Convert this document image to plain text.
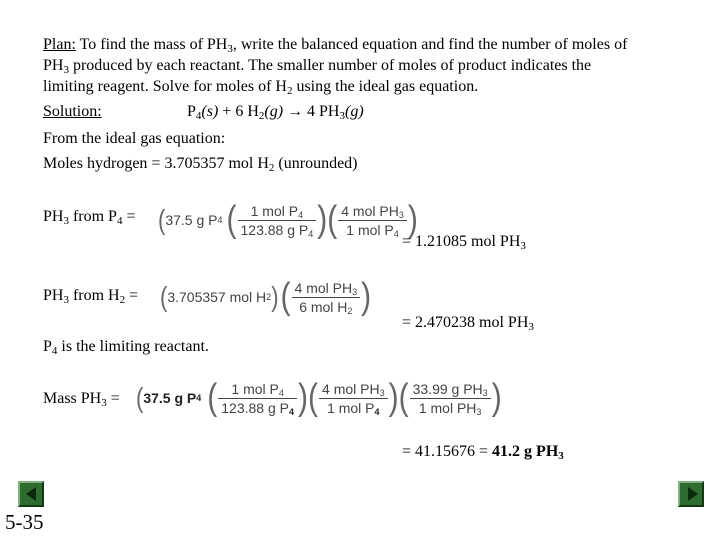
Plan: To find the mass of $PH_3$, write the balanced equation and find the number of moles of
$PH_3$ produced by each reactant. The smaller number of moles of product indicates the
limiting reagent. Solve for moles of $H_2$ using the ideal gas equation.
Solution:	$P_4(s) + 6$ $H_2(g) \to 4$ $PH_3(g)$
From the ideal gas equation:
Moles hydrogen = 3.705357 mol $H_2$ (unrounded)
$PH_3$ from $P_4$ = ( 37.5 g P 4 ( $\frac{1 mol P_4}{123.88 g P_4}$ ) ( $\frac{4 mol PH_3}{1 mol P_4}$ )
= 1.21085 mol $PH_3$
$PH_3$ from $H_2$ = ( 3.705357 mol H 2 ) ( $\frac{4 mol PH_3}{6 mol H_2}$ )
= 2.470238 mol $PH_3$
$P_4$ is the limiting reactant.
Mass $PH_3$ = ( 37.5 g P 4 ( $\frac{1 mol P_4}{123.88 g P_4}$ ) ( $\frac{4 mol PH_3}{1 mol P_4}$ ) ( $\frac{33.99 g PH_3}{1 mol PH_3}$ )
= 41.15676 = 41.2 g $PH_3$
5-35
